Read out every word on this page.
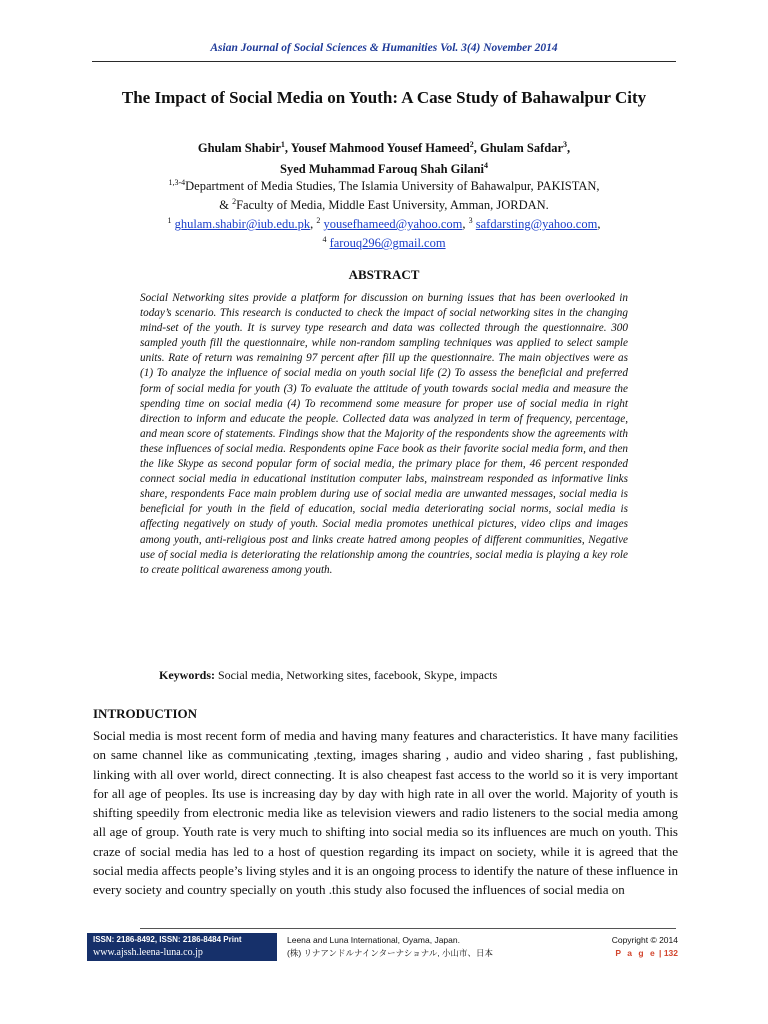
Asian Journal of Social Sciences & Humanities Vol. 3(4) November 2014
The Impact of Social Media on Youth: A Case Study of Bahawalpur City
Ghulam Shabir$^1$, Yousef Mahmood Yousef Hameed$^2$, Ghulam Safdar$^3$,
Syed Muhammad Farouq Shah Gilani$^4$
$^{1,3-4}$Department of Media Studies, The Islamia University of Bahawalpur, PAKISTAN,
& $^2$Faculty of Media, Middle East University, Amman, JORDAN.
$^1$ ghulam.shabir@iub.edu.pk, $^2$ yousefhameed@yahoo.com, $^3$ safdarsting@yahoo.com,
$^4$ farouq296@gmail.com
ABSTRACT
Social Networking sites provide a platform for discussion on burning issues that has been overlooked in today’s scenario. This research is conducted to check the impact of social networking sites in the changing mind-set of the youth. It is survey type research and data was collected through the questionnaire. 300 sampled youth fill the questionnaire, while non-random sampling techniques was applied to select sample units. Rate of return was remaining 97 percent after fill up the questionnaire. The main objectives were as (1) To analyze the influence of social media on youth social life (2) To assess the beneficial and preferred form of social media for youth (3) To evaluate the attitude of youth towards social media and measure the spending time on social media (4) To recommend some measure for proper use of social media in right direction to inform and educate the people. Collected data was analyzed in term of frequency, percentage, and mean score of statements. Findings show that the Majority of the respondents show the agreements with these influences of social media. Respondents opine Face book as their favorite social media form, and then the like Skype as second popular form of social media, the primary place for them, 46 percent responded connect social media in educational institution computer labs, mainstream responded as informative links share, respondents Face main problem during use of social media are unwanted messages, social media is beneficial for youth in the field of education, social media deteriorating social norms, social media is affecting negatively on study of youth. Social media promotes unethical pictures, video clips and images among youth, anti-religious post and links create hatred among peoples of different communities, Negative use of social media is deteriorating the relationship among the countries, social media is playing a key role to create political awareness among youth.
Keywords: Social media, Networking sites, facebook, Skype, impacts
INTRODUCTION
Social media is most recent form of media and having many features and characteristics. It have many facilities on same channel like as communicating ,texting, images sharing , audio and video sharing , fast publishing, linking with all over world, direct connecting. It is also cheapest fast access to the world so it is very important for all age of peoples. Its use is increasing day by day with high rate in all over the world. Majority of youth is shifting speedily from electronic media like as television viewers and radio listeners to the social media among all age of group. Youth rate is very much to shifting into social media so its influences are much on youth. This craze of social media has led to a host of question regarding its impact on society, while it is agreed that the social media affects people’s living styles and it is an ongoing process to identify the nature of these influence in every society and country specially on youth .this study also focused the influences of social media on
ISSN: 2186-8492, ISSN: 2186-8484 Print
www.ajssh.leena-luna.co.jp
Leena and Luna International, Oyama, Japan.
(株) リナアンドルナインターナショナル, 小山市、日本
Copyright © 2014
P a g e | 132
